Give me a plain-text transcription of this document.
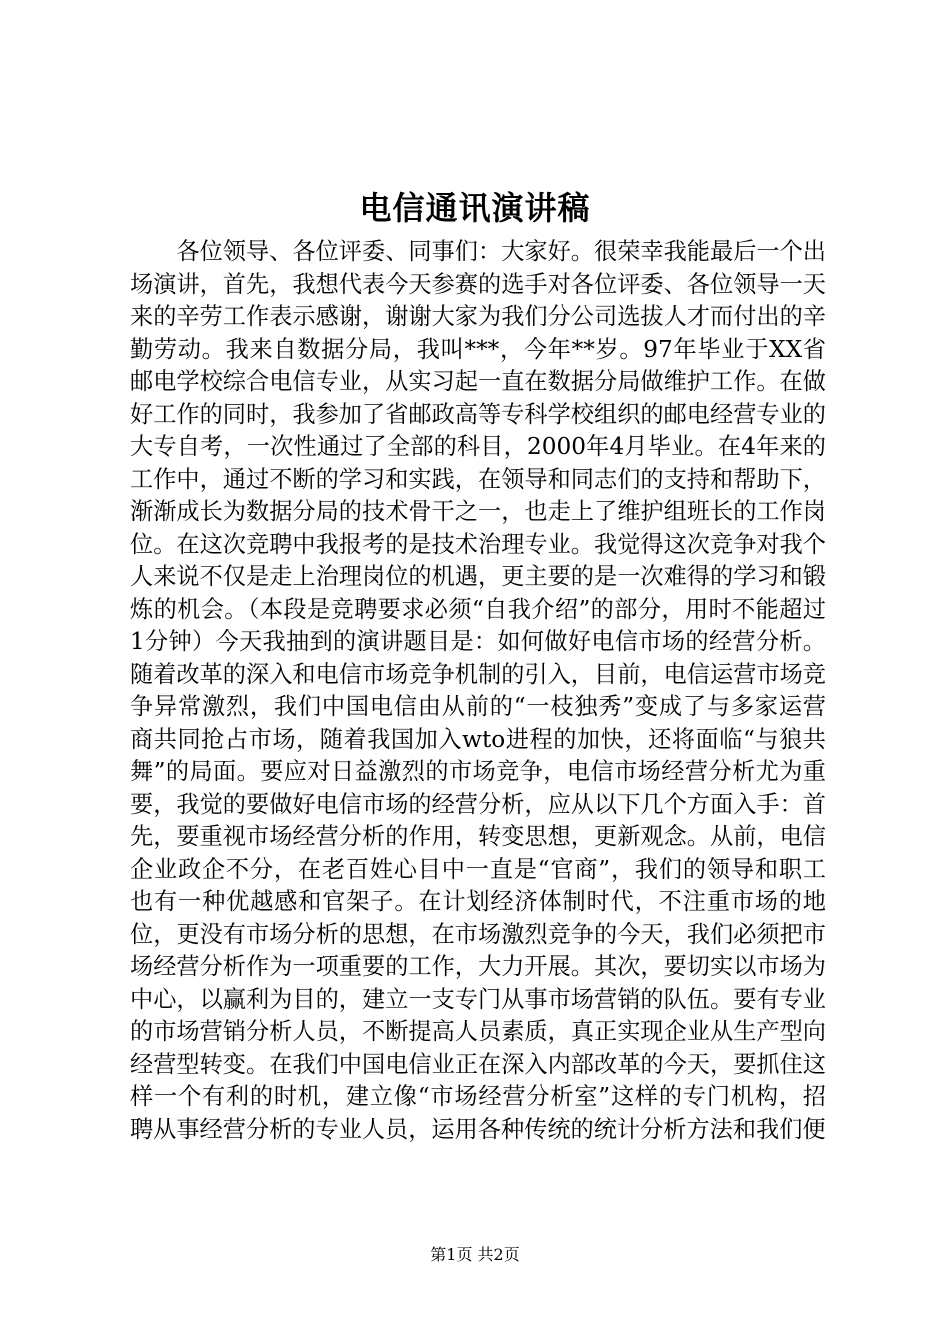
电信通讯演讲稿

各位领导、各位评委、同事们：大家好。很荣幸我能最后一个出场演讲，首先，我想代表今天参赛的选手对各位评委、各位领导一天来的辛劳工作表示感谢，谢谢大家为我们分公司选拔人才而付出的辛勤劳动。我来自数据分局，我叫***，今年**岁。97年毕业于XX省邮电学校综合电信专业，从实习起一直在数据分局做维护工作。在做好工作的同时，我参加了省邮政高等专科学校组织的邮电经营专业的大专自考，一次性通过了全部的科目，2000年4月毕业。在4年来的工作中，通过不断的学习和实践，在领导和同志们的支持和帮助下，渐渐成长为数据分局的技术骨干之一，也走上了维护组班长的工作岗位。在这次竞聘中我报考的是技术治理专业。我觉得这次竞争对我个人来说不仅是走上治理岗位的机遇，更主要的是一次难得的学习和锻炼的机会。（本段是竞聘要求必须“自我介绍”的部分，用时不能超过1分钟）今天我抽到的演讲题目是：如何做好电信市场的经营分析。随着改革的深入和电信市场竞争机制的引入，目前，电信运营市场竞争异常激烈，我们中国电信由从前的“一枝独秀”变成了与多家运营商共同抢占市场，随着我国加入wto进程的加快，还将面临“与狼共舞”的局面。要应对日益激烈的市场竞争，电信市场经营分析尤为重要，我觉的要做好电信市场的经营分析，应从以下几个方面入手：首先，要重视市场经营分析的作用，转变思想，更新观念。从前，电信企业政企不分，在老百姓心目中一直是“官商”，我们的领导和职工也有一种优越感和官架子。在计划经济体制时代，不注重市场的地位，更没有市场分析的思想，在市场激烈竞争的今天，我们必须把市场经营分析作为一项重要的工作，大力开展。其次，要切实以市场为中心，以赢利为目的，建立一支专门从事市场营销的队伍。要有专业的市场营销分析人员，不断提高人员素质，真正实现企业从生产型向经营型转变。在我们中国电信业正在深入内部改革的今天，要抓住这样一个有利的时机，建立像“市场经营分析室”这样的专门机构，招聘从事经营分析的专业人员，运用各种传统的统计分析方法和我们便

第1页 共2页
